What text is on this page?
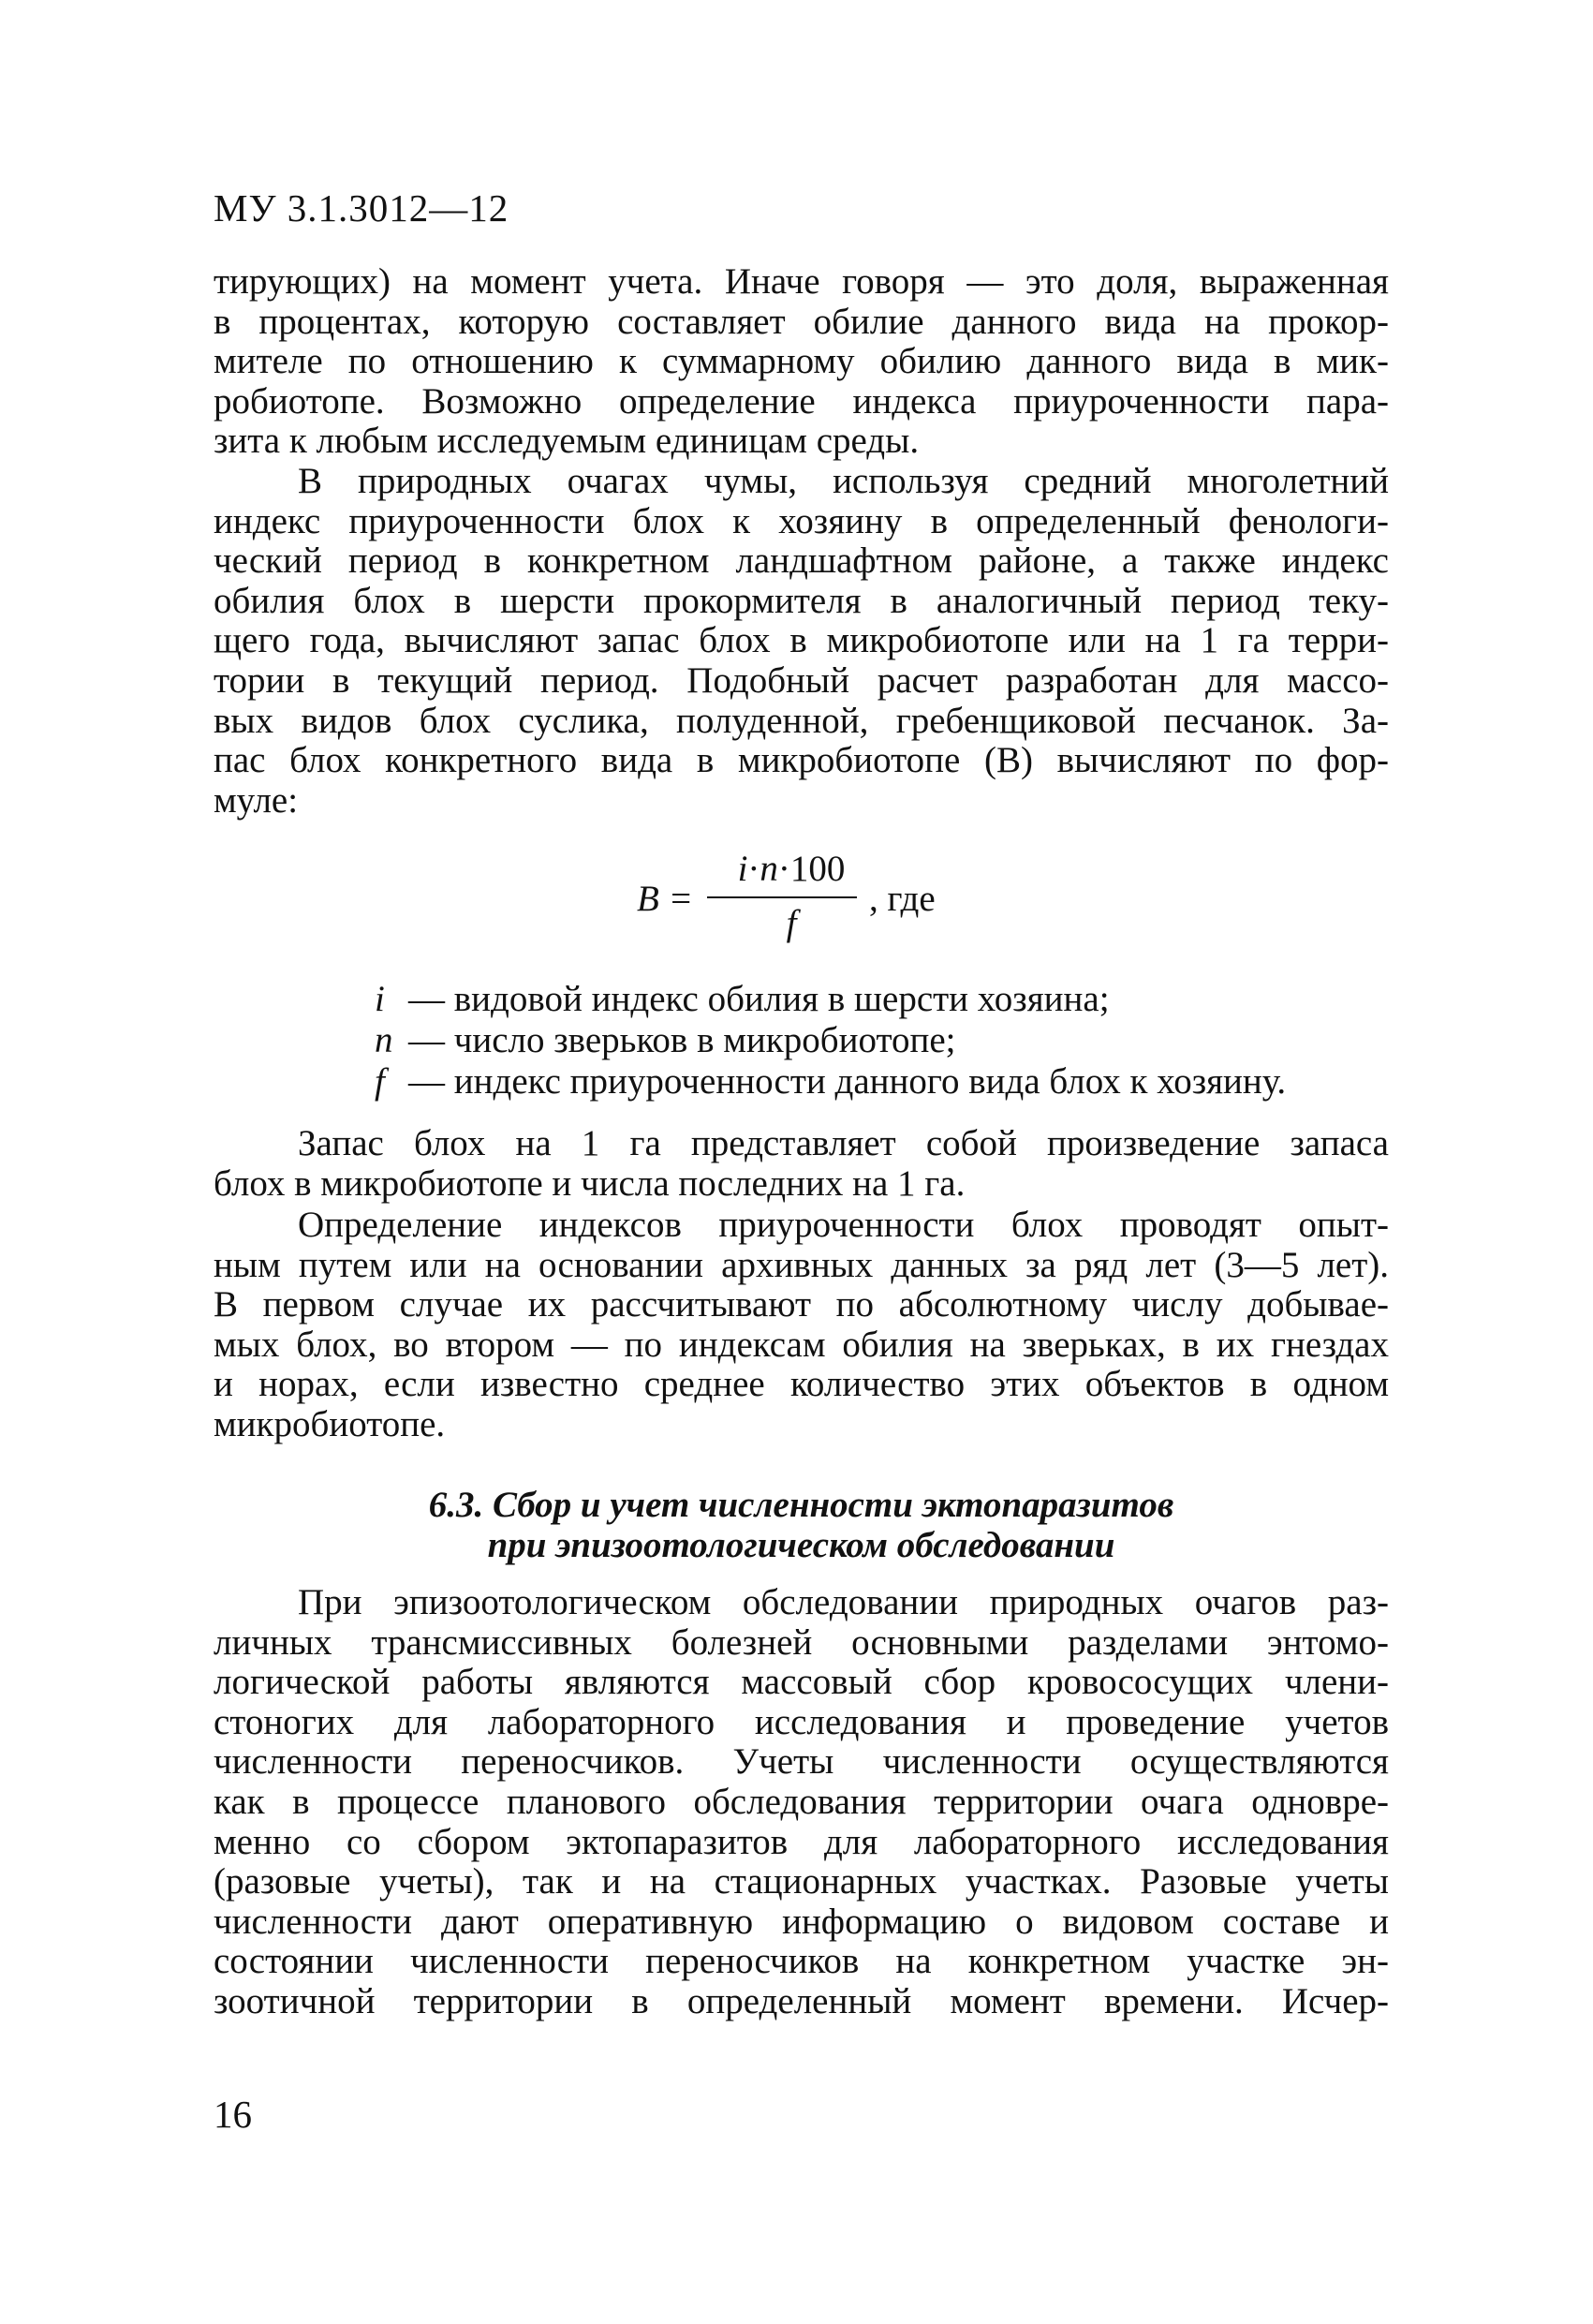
МУ 3.1.3012—12
тирующих) на момент учета. Иначе говоря — это доля, выраженная
в процентах, которую составляет обилие данного вида на прокор-
мителе по отношению к суммарному обилию данного вида в мик-
робиотопе. Возможно определение индекса приуроченности пара-
зита к любым исследуемым единицам среды.
В природных очагах чумы, используя средний многолетний
индекс приуроченности блох к хозяину в определенный фенологи-
ческий период в конкретном ландшафтном районе, а также индекс
обилия блох в шерсти прокормителя в аналогичный период теку-
щего года, вычисляют запас блох в микробиотопе или на 1 га терри-
тории в текущий период. Подобный расчет разработан для массо-
вых видов блох суслика, полуденной, гребенщиковой песчанок. За-
пас блох конкретного вида в микробиотопе (В) вычисляют по фор-
муле:
B =
i·n·100
f
, где
i — видовой индекс обилия в шерсти хозяина;
n — число зверьков в микробиотопе;
f — индекс приуроченности данного вида блох к хозяину.
Запас блох на 1 га представляет собой произведение запаса
блох в микробиотопе и числа последних на 1 га.
Определение индексов приуроченности блох проводят опыт-
ным путем или на основании архивных данных за ряд лет (3—5 лет).
В первом случае их рассчитывают по абсолютному числу добывае-
мых блох, во втором — по индексам обилия на зверьках, в их гнездах
и норах, если известно среднее количество этих объектов в одном
микробиотопе.
6.3. Сбор и учет численности эктопаразитов
при эпизоотологическом обследовании
При эпизоотологическом обследовании природных очагов раз-
личных трансмиссивных болезней основными разделами энтомо-
логической работы являются массовый сбор кровососущих члени-
стоногих для лабораторного исследования и проведение учетов
численности переносчиков. Учеты численности осуществляются
как в процессе планового обследования территории очага одновре-
менно со сбором эктопаразитов для лабораторного исследования
(разовые учеты), так и на стационарных участках. Разовые учеты
численности дают оперативную информацию о видовом составе и
состоянии численности переносчиков на конкретном участке эн-
зоотичной территории в определенный момент времени. Исчер-
16
